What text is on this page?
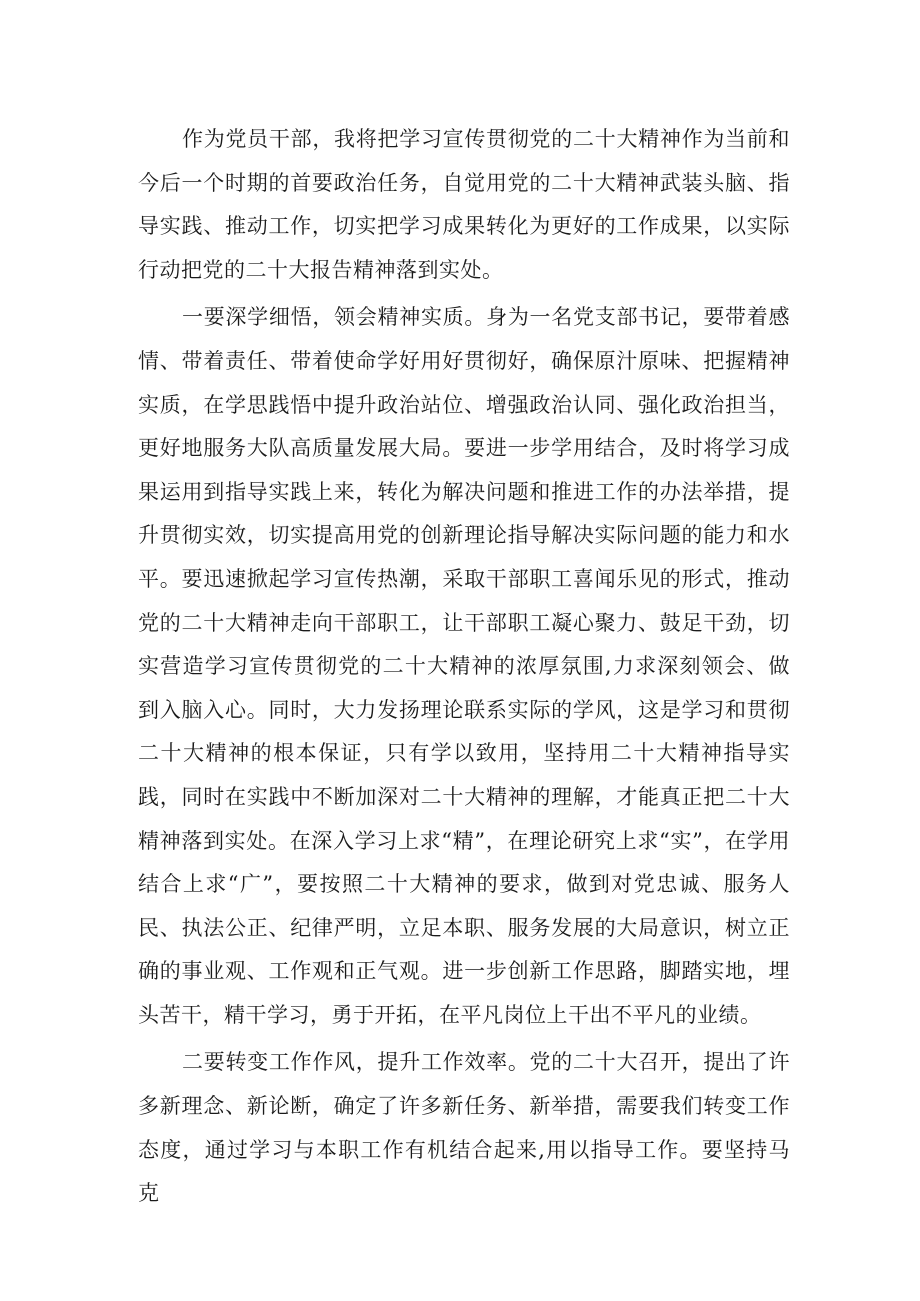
作为党员干部，我将把学习宣传贯彻党的二十大精神作为当前和今后一个时期的首要政治任务，自觉用党的二十大精神武装头脑、指导实践、推动工作，切实把学习成果转化为更好的工作成果，以实际行动把党的二十大报告精神落到实处。

一要深学细悟，领会精神实质。身为一名党支部书记，要带着感情、带着责任、带着使命学好用好贯彻好，确保原汁原味、把握精神实质，在学思践悟中提升政治站位、增强政治认同、强化政治担当，更好地服务大队高质量发展大局。要进一步学用结合，及时将学习成果运用到指导实践上来，转化为解决问题和推进工作的办法举措，提升贯彻实效，切实提高用党的创新理论指导解决实际问题的能力和水平。要迅速掀起学习宣传热潮，采取干部职工喜闻乐见的形式，推动党的二十大精神走向干部职工，让干部职工凝心聚力、鼓足干劲，切实营造学习宣传贯彻党的二十大精神的浓厚氛围,力求深刻领会、做到入脑入心。同时，大力发扬理论联系实际的学风，这是学习和贯彻二十大精神的根本保证，只有学以致用，坚持用二十大精神指导实践，同时在实践中不断加深对二十大精神的理解，才能真正把二十大精神落到实处。在深入学习上求“精”，在理论研究上求“实”，在学用结合上求“广”，要按照二十大精神的要求，做到对党忠诚、服务人民、执法公正、纪律严明，立足本职、服务发展的大局意识，树立正确的事业观、工作观和正气观。进一步创新工作思路，脚踏实地，埋头苦干，精干学习，勇于开拓，在平凡岗位上干出不平凡的业绩。

二要转变工作作风，提升工作效率。党的二十大召开，提出了许多新理念、新论断，确定了许多新任务、新举措，需要我们转变工作态度，通过学习与本职工作有机结合起来,用以指导工作。要坚持马克
